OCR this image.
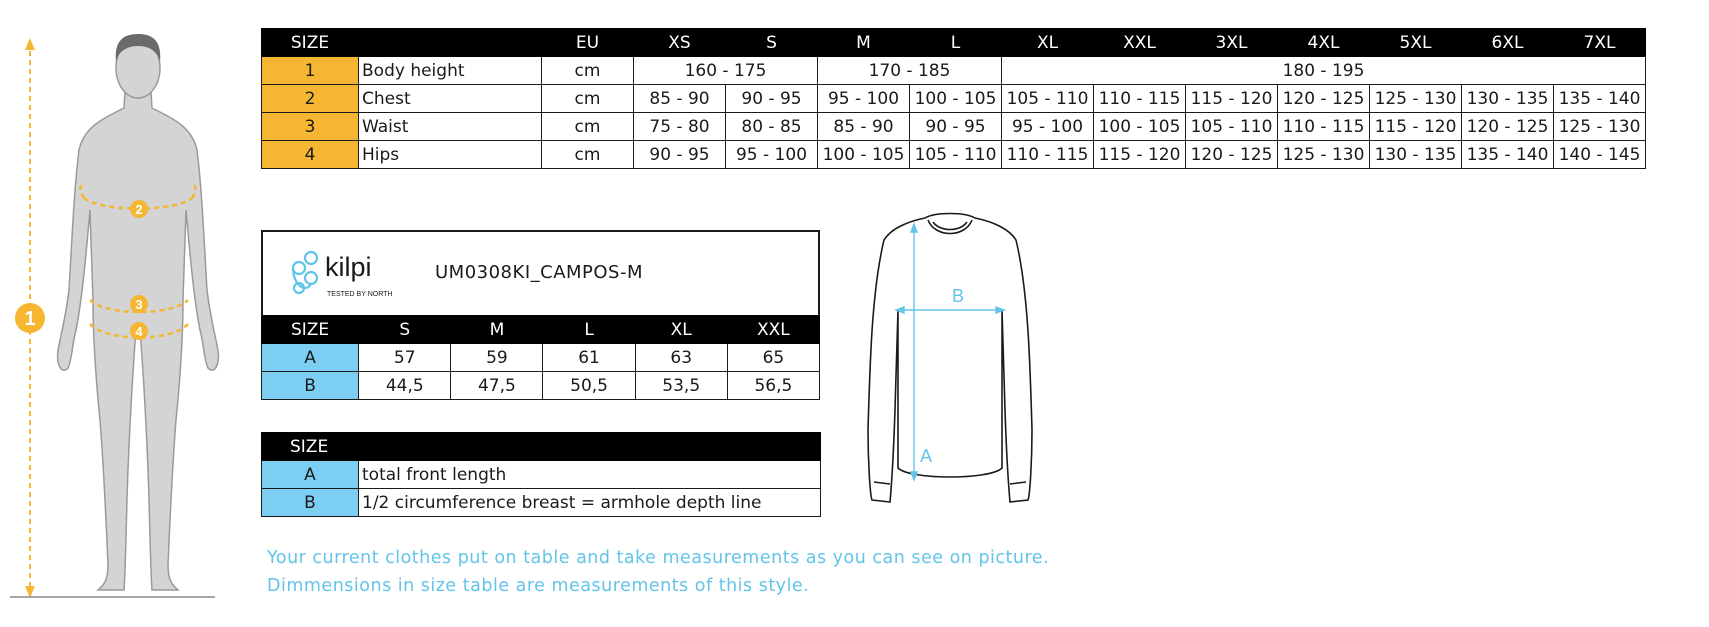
1
2
3
4
SIZE		EU	XS	S	M	L	XL	XXL	3XL	4XL	5XL	6XL	7XL
1	Body height	cm	160 - 175		170 - 185		180 - 195						
2	Chest	cm	85 - 90	90 - 95	95 - 100	100 - 105	105 - 110	110 - 115	115 - 120	120 - 125	125 - 130	130 - 135	135 - 140
3	Waist	cm	75 - 80	80 - 85	85 - 90	90 - 95	95 - 100	100 - 105	105 - 110	110 - 115	115 - 120	120 - 125	125 - 130
4	Hips	cm	90 - 95	95 - 100	100 - 105	105 - 110	110 - 115	115 - 120	120 - 125	125 - 130	130 - 135	135 - 140	140 - 145
kilpi
TESTED BY NORTH
UM0308KI_CAMPOS-M
SIZE	S	M	L	XL	XXL
A	57	59	61	63	65
B	44,5	47,5	50,5	53,5	56,5
SIZE	
A	total front length
B	1/2 circumference breast = armhole depth line
B
A
Your current clothes put on table and take measurements as you can see on picture.
Dimmensions in size table are measurements of this style.
